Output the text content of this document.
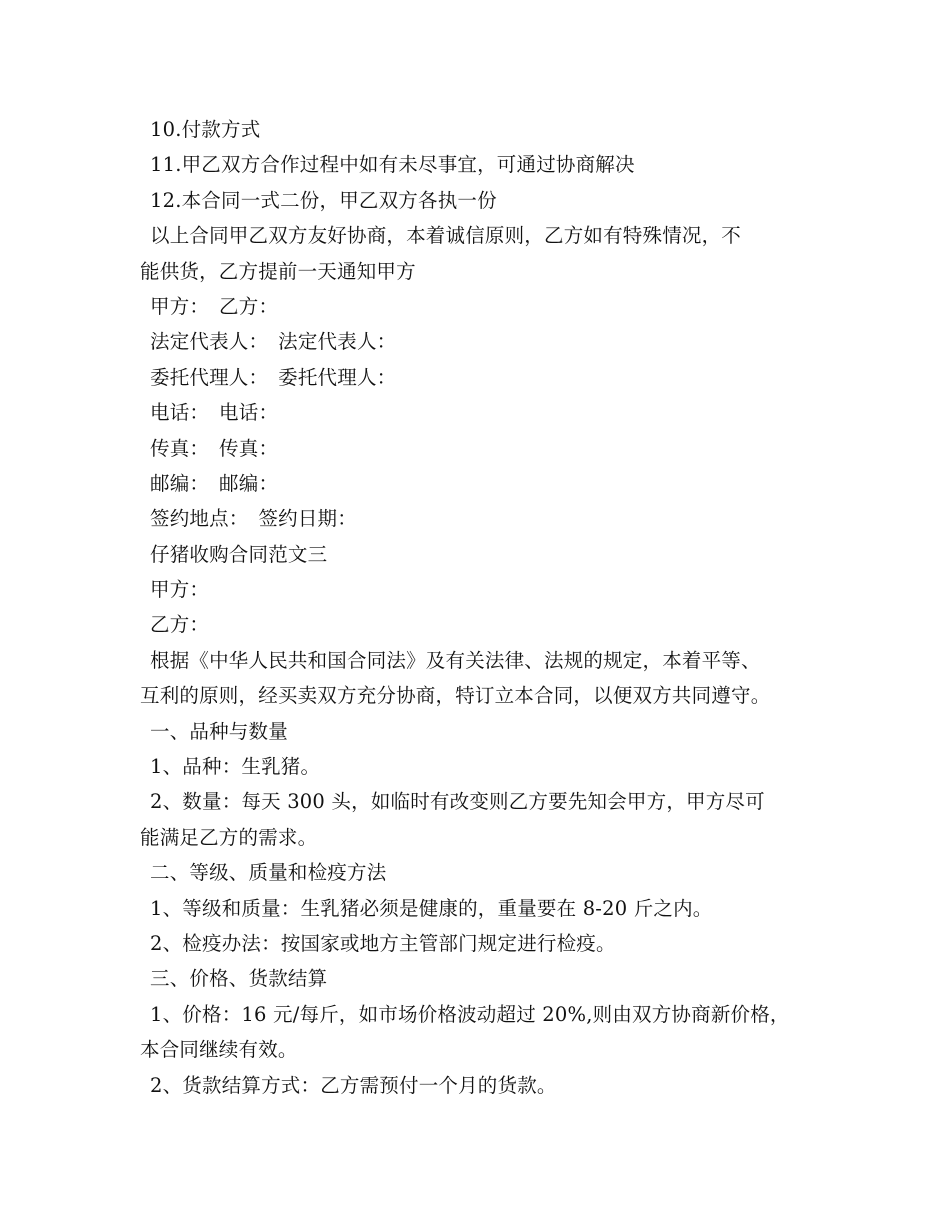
10.付款方式
11.甲乙双方合作过程中如有未尽事宜，可通过协商解决
12.本合同一式二份，甲乙双方各执一份
以上合同甲乙双方友好协商，本着诚信原则，乙方如有特殊情况，不
能供货，乙方提前一天通知甲方
甲方：　乙方：
法定代表人：　法定代表人：
委托代理人：　委托代理人：
电话：　电话：
传真：　传真：
邮编：　邮编：
签约地点：　签约日期：
仔猪收购合同范文三
甲方：
乙方：
根据《中华人民共和国合同法》及有关法律、法规的规定，本着平等、
互利的原则，经买卖双方充分协商，特订立本合同，以便双方共同遵守。
一、品种与数量
1、品种：生乳猪。
2、数量：每天 300 头，如临时有改变则乙方要先知会甲方，甲方尽可
能满足乙方的需求。
二、等级、质量和检疫方法
1、等级和质量：生乳猪必须是健康的，重量要在 8-20 斤之内。
2、检疫办法：按国家或地方主管部门规定进行检疫。
三、价格、货款结算
1、价格：16 元/每斤，如市场价格波动超过 20%,则由双方协商新价格，
本合同继续有效。
2、货款结算方式：乙方需预付一个月的货款。
